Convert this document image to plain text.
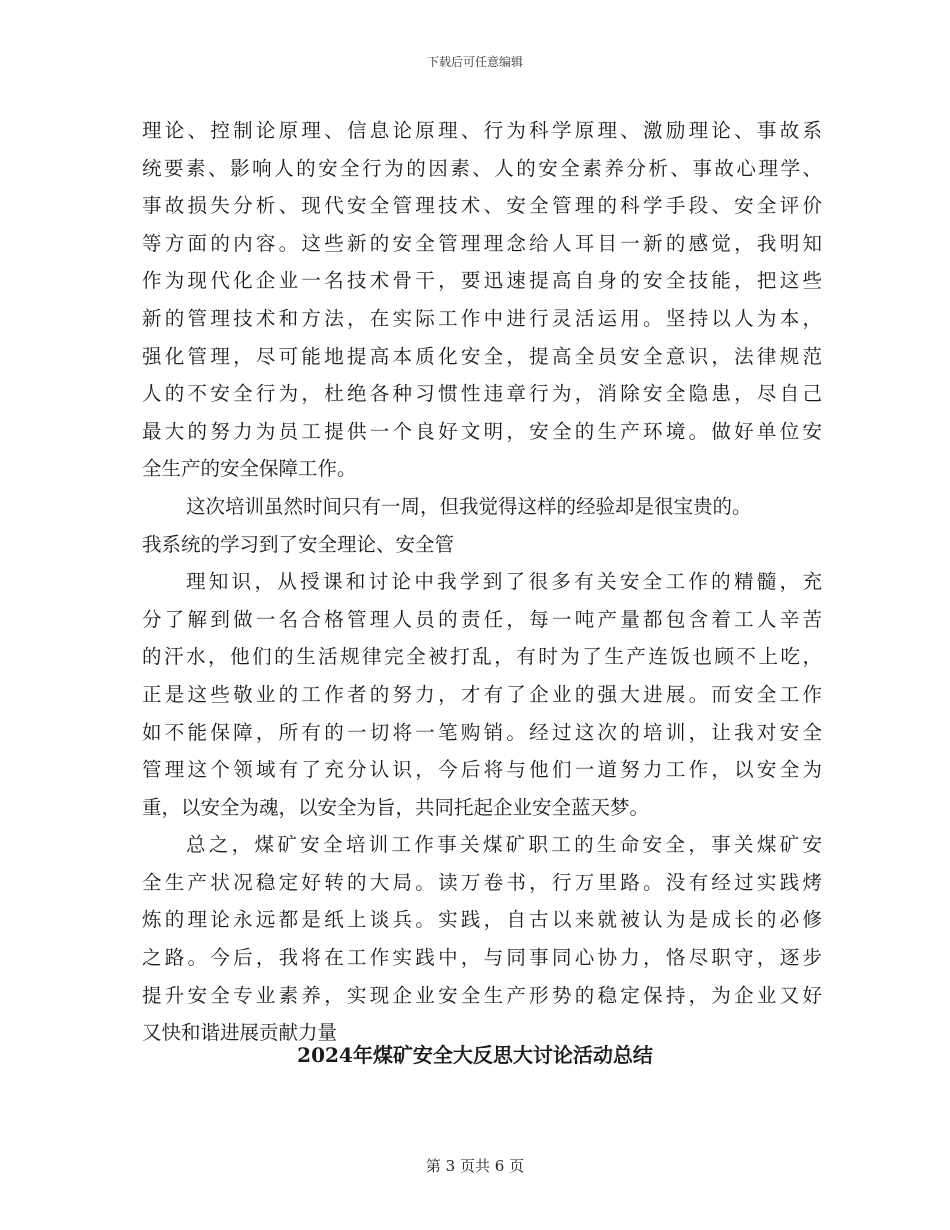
下载后可任意编辑
理论、控制论原理、信息论原理、行为科学原理、激励理论、事故系
统要素、影响人的安全行为的因素、人的安全素养分析、事故心理学、
事故损失分析、现代安全管理技术、安全管理的科学手段、安全评价
等方面的内容。这些新的安全管理理念给人耳目一新的感觉，我明知
作为现代化企业一名技术骨干，要迅速提高自身的安全技能，把这些
新的管理技术和方法，在实际工作中进行灵活运用。坚持以人为本，
强化管理，尽可能地提高本质化安全，提高全员安全意识，法律规范
人的不安全行为，杜绝各种习惯性违章行为，消除安全隐患，尽自己
最大的努力为员工提供一个良好文明，安全的生产环境。做好单位安
全生产的安全保障工作。
这次培训虽然时间只有一周，但我觉得这样的经验却是很宝贵的。
我系统的学习到了安全理论、安全管
理知识，从授课和讨论中我学到了很多有关安全工作的精髓，充
分了解到做一名合格管理人员的责任，每一吨产量都包含着工人辛苦
的汗水，他们的生活规律完全被打乱，有时为了生产连饭也顾不上吃，
正是这些敬业的工作者的努力，才有了企业的强大进展。而安全工作
如不能保障，所有的一切将一笔购销。经过这次的培训，让我对安全
管理这个领域有了充分认识，今后将与他们一道努力工作，以安全为
重，以安全为魂，以安全为旨，共同托起企业安全蓝天梦。
总之，煤矿安全培训工作事关煤矿职工的生命安全，事关煤矿安
全生产状况稳定好转的大局。读万卷书，行万里路。没有经过实践烤
炼的理论永远都是纸上谈兵。实践，自古以来就被认为是成长的必修
之路。今后，我将在工作实践中，与同事同心协力，恪尽职守，逐步
提升安全专业素养，实现企业安全生产形势的稳定保持，为企业又好
又快和谐进展贡献力量
2024年煤矿安全大反思大讨论活动总结
第 3 页共 6 页
